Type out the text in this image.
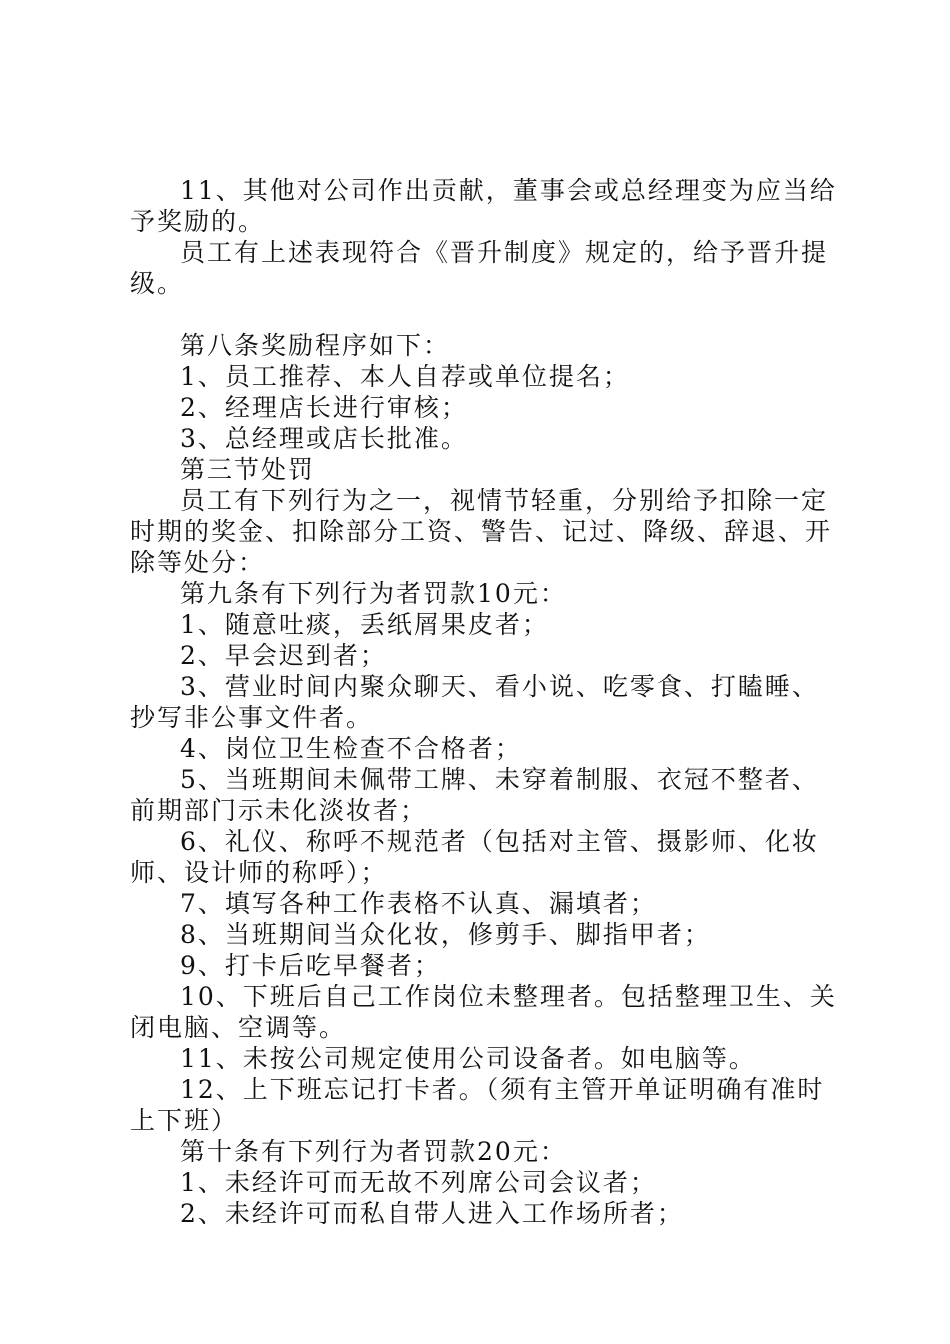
11、其他对公司作出贡献，董事会或总经理变为应当给予奖励的。

员工有上述表现符合《晋升制度》规定的，给予晋升提级。

第八条奖励程序如下：

1、员工推荐、本人自荐或单位提名；

2、经理店长进行审核；

3、总经理或店长批准。

第三节处罚

员工有下列行为之一，视情节轻重，分别给予扣除一定时期的奖金、扣除部分工资、警告、记过、降级、辞退、开除等处分：

第九条有下列行为者罚款10元：

1、随意吐痰，丢纸屑果皮者；

2、早会迟到者；

3、营业时间内聚众聊天、看小说、吃零食、打瞌睡、抄写非公事文件者。

4、岗位卫生检查不合格者；

5、当班期间未佩带工牌、未穿着制服、衣冠不整者、前期部门示未化淡妆者；

6、礼仪、称呼不规范者（包括对主管、摄影师、化妆师、设计师的称呼）；

7、填写各种工作表格不认真、漏填者；

8、当班期间当众化妆，修剪手、脚指甲者；

9、打卡后吃早餐者；

10、下班后自己工作岗位未整理者。包括整理卫生、关闭电脑、空调等。

11、未按公司规定使用公司设备者。如电脑等。

12、上下班忘记打卡者。（须有主管开单证明确有准时上下班）

第十条有下列行为者罚款20元：

1、未经许可而无故不列席公司会议者；

2、未经许可而私自带人进入工作场所者；
